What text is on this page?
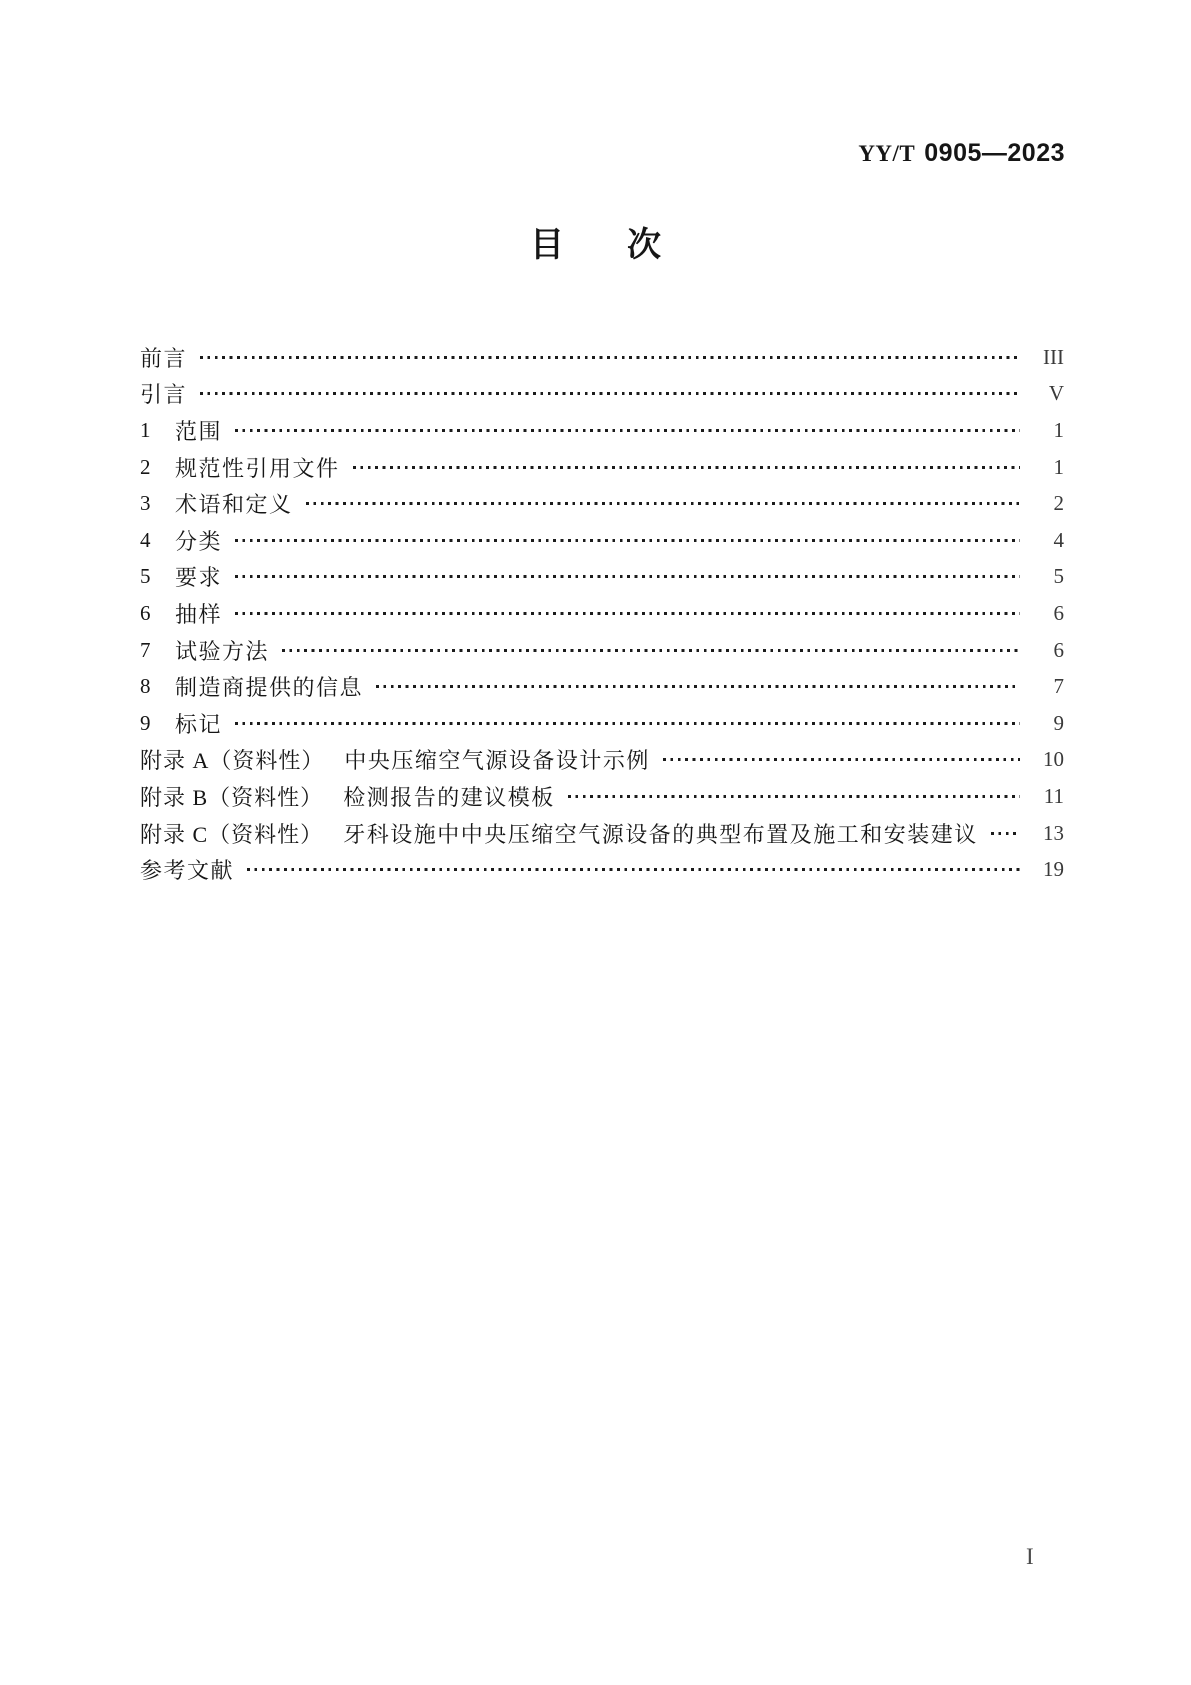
YY/T 0905—2023
目 次
前言	III
引言	V
1	范围	1
2	规范性引用文件	1
3	术语和定义	2
4	分类	4
5	要求	5
6	抽样	6
7	试验方法	6
8	制造商提供的信息	7
9	标记	9
附录 A（资料性） 中央压缩空气源设备设计示例	10
附录 B（资料性） 检测报告的建议模板	11
附录 C（资料性） 牙科设施中中央压缩空气源设备的典型布置及施工和安装建议	13
参考文献	19
I
